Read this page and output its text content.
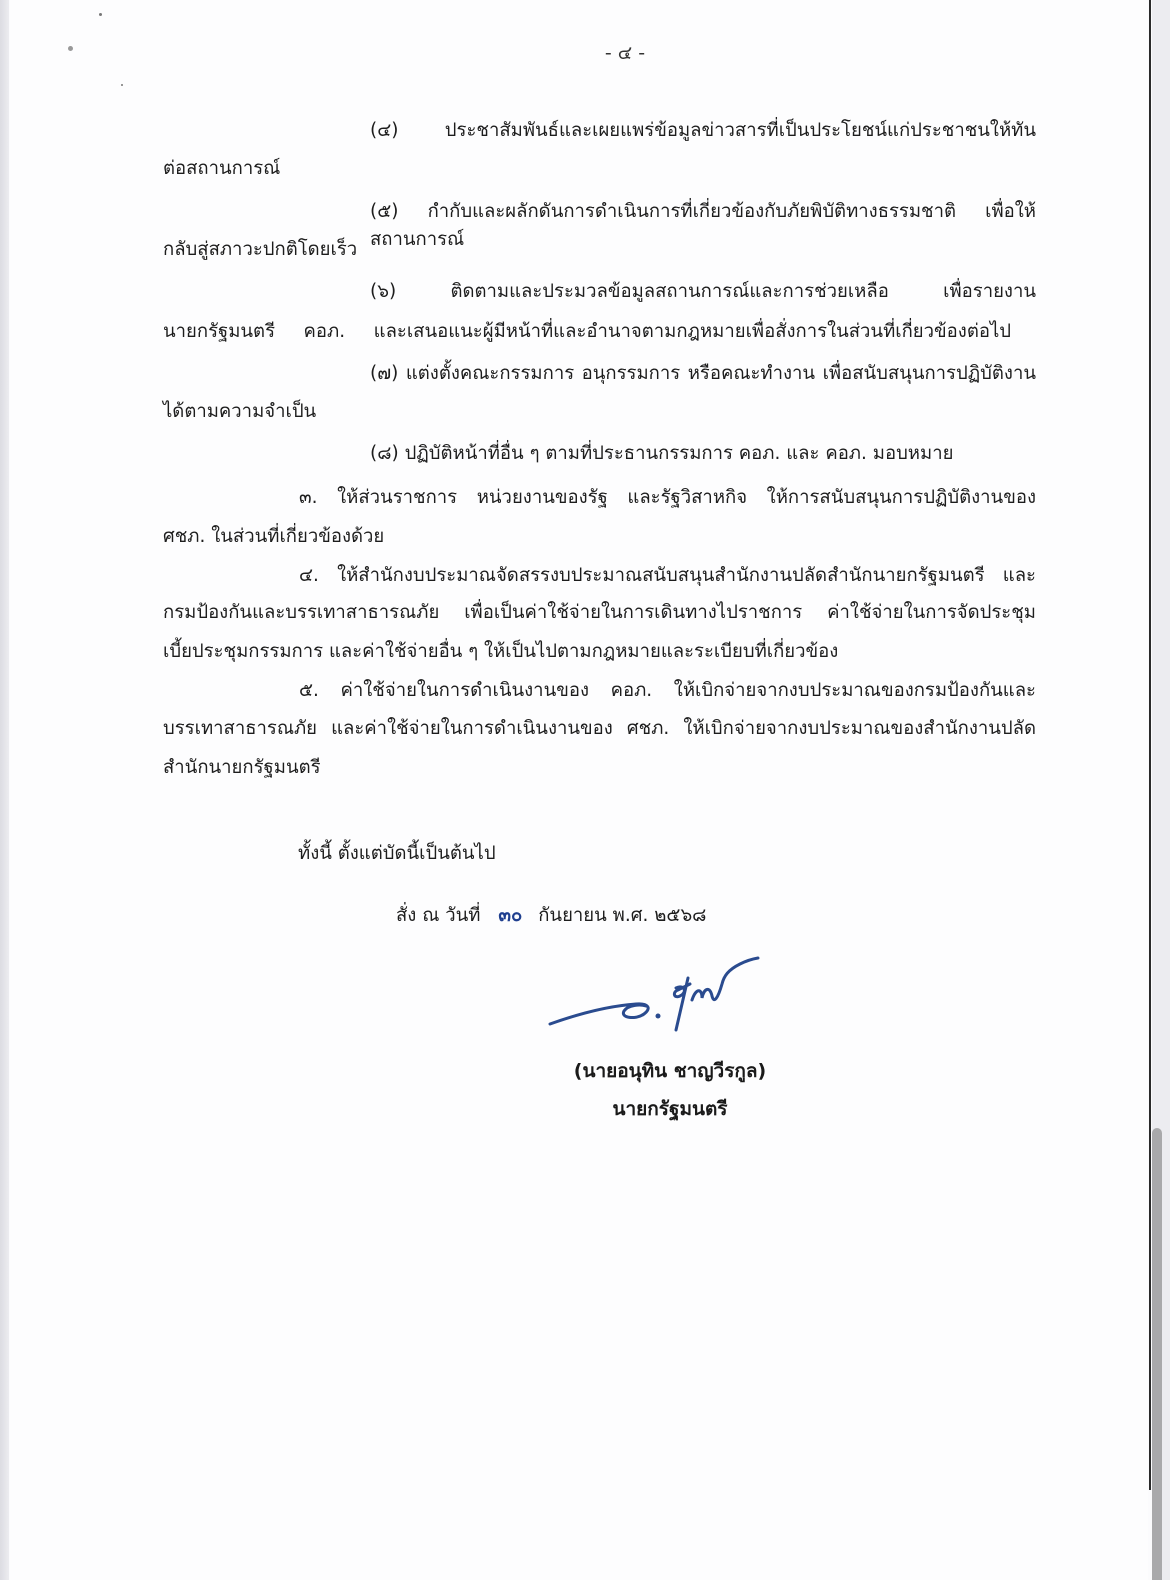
- ๔ -
(๔) ประชาสัมพันธ์และเผยแพร่ข้อมูลข่าวสารที่เป็นประโยชน์แก่ประชาชนให้ทัน
ต่อสถานการณ์
(๕) กำกับและผลักดันการดำเนินการที่เกี่ยวข้องกับภัยพิบัติทางธรรมชาติ เพื่อให้สถานการณ์
กลับสู่สภาวะปกติโดยเร็ว
(๖) ติดตามและประมวลข้อมูลสถานการณ์และการช่วยเหลือ เพื่อรายงาน
นายกรัฐมนตรี คอภ. และเสนอแนะผู้มีหน้าที่และอำนาจตามกฎหมายเพื่อสั่งการในส่วนที่เกี่ยวข้องต่อไป
(๗) แต่งตั้งคณะกรรมการ อนุกรรมการ หรือคณะทำงาน เพื่อสนับสนุนการปฏิบัติงาน
ได้ตามความจำเป็น
(๘) ปฏิบัติหน้าที่อื่น ๆ ตามที่ประธานกรรมการ คอภ. และ คอภ. มอบหมาย
๓. ให้ส่วนราชการ หน่วยงานของรัฐ และรัฐวิสาหกิจ ให้การสนับสนุนการปฏิบัติงานของ
ศชภ. ในส่วนที่เกี่ยวข้องด้วย
๔. ให้สำนักงบประมาณจัดสรรงบประมาณสนับสนุนสำนักงานปลัดสำนักนายกรัฐมนตรี และ
กรมป้องกันและบรรเทาสาธารณภัย เพื่อเป็นค่าใช้จ่ายในการเดินทางไปราชการ ค่าใช้จ่ายในการจัดประชุม
เบี้ยประชุมกรรมการ และค่าใช้จ่ายอื่น ๆ ให้เป็นไปตามกฎหมายและระเบียบที่เกี่ยวข้อง
๕. ค่าใช้จ่ายในการดำเนินงานของ คอภ. ให้เบิกจ่ายจากงบประมาณของกรมป้องกันและ
บรรเทาสาธารณภัย และค่าใช้จ่ายในการดำเนินงานของ ศชภ. ให้เบิกจ่ายจากงบประมาณของสำนักงานปลัด
สำนักนายกรัฐมนตรี
ทั้งนี้ ตั้งแต่บัดนี้เป็นต้นไป
สั่ง ณ วันที่ ๓๐ กันยายน พ.ศ. ๒๕๖๘
(นายอนุทิน ชาญวีรกูล)
นายกรัฐมนตรี
